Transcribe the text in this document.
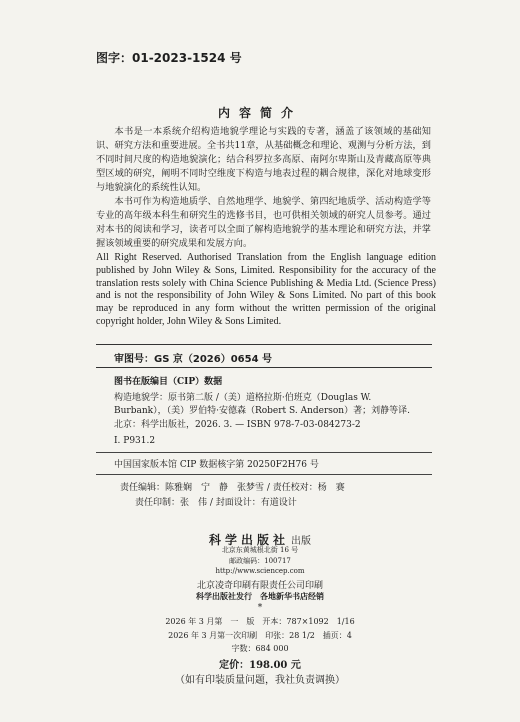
图字：01-2023-1524 号
内容简介
本书是一本系统介绍构造地貌学理论与实践的专著，涵盖了该领域的基础知识、研究方法和重要进展。全书共11章，从基础概念和理论、观测与分析方法，到不同时间尺度的构造地貌演化；结合科罗拉多高原、南阿尔卑斯山及青藏高原等典型区域的研究，阐明不同时空维度下构造与地表过程的耦合规律，深化对地球变形与地貌演化的系统性认知。
本书可作为构造地质学、自然地理学、地貌学、第四纪地质学、活动构造学等专业的高年级本科生和研究生的选修书目，也可供相关领域的研究人员参考。通过对本书的阅读和学习，读者可以全面了解构造地貌学的基本理论和研究方法，并掌握该领域重要的研究成果和发展方向。
All Right Reserved. Authorised Translation from the English language edition published by John Wiley & Sons, Limited. Responsibility for the accuracy of the translation rests solely with China Science Publishing & Media Ltd. (Science Press) and is not the responsibility of John Wiley & Sons Limited. No part of this book may be reproduced in any form without the written permission of the original copyright holder, John Wiley & Sons Limited.
审图号：GS 京（2026）0654 号
图书在版编目（CIP）数据
构造地貌学：原书第二版 /（美）道格拉斯·伯班克（Douglas W.
Burbank），（美）罗伯特·安德森（Robert S. Anderson）著；刘静等译.
北京：科学出版社，2026. 3. — ISBN 978-7-03-084273-2
Ⅰ. P931.2
中国国家版本馆 CIP 数据核字第 20250F2H76 号
责任编辑：陈雅娴　宁　静　张梦雪 / 责任校对：杨　赛
责任印制：张　伟 / 封面设计：有道设计
科学出版社 出版
北京东黄城根北街 16 号
邮政编码：100717
http://www.sciencep.com
北京凌奇印刷有限责任公司印刷
科学出版社发行　各地新华书店经销
*
2026 年 3 月第　一　版　开本：787×1092　1/16
2026 年 3 月第一次印刷　印张：28 1/2　插页：4
字数：684 000
定价：198.00 元
（如有印装质量问题，我社负责调换）
